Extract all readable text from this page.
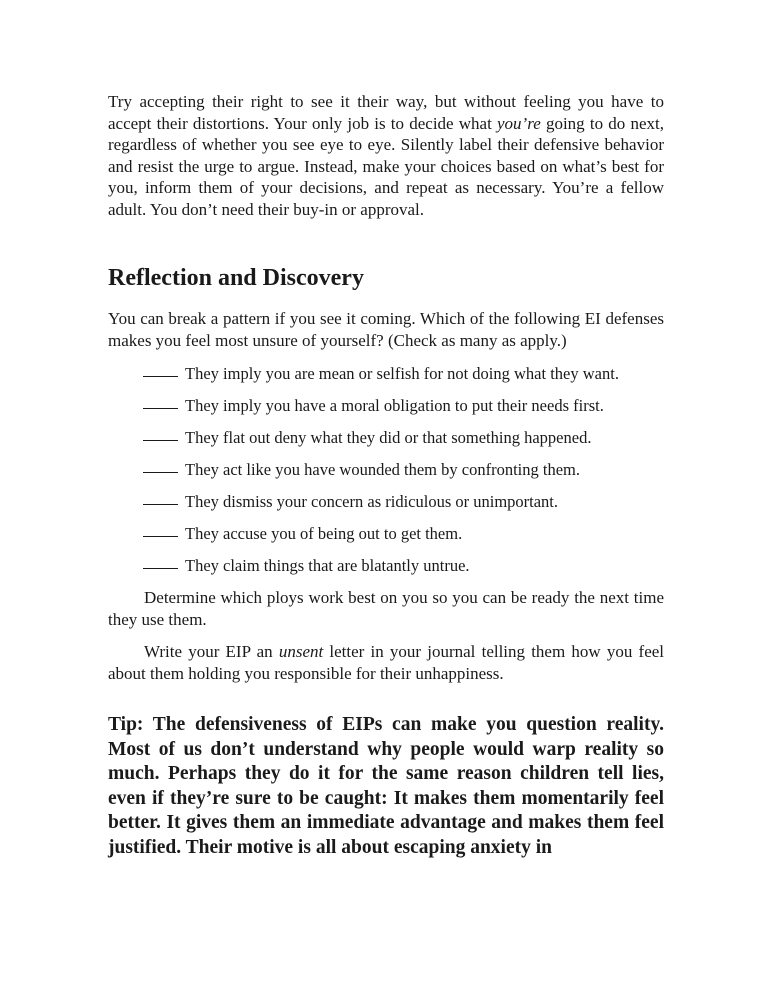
Try accepting their right to see it their way, but without feeling you have to accept their distortions. Your only job is to decide what you’re going to do next, regardless of whether you see eye to eye. Silently label their defensive behavior and resist the urge to argue. Instead, make your choices based on what’s best for you, inform them of your decisions, and repeat as necessary. You’re a fellow adult. You don’t need their buy-in or approval.

Reflection and Discovery

You can break a pattern if you see it coming. Which of the following EI defenses makes you feel most unsure of yourself? (Check as many as apply.)

They imply you are mean or selfish for not doing what they want.
They imply you have a moral obligation to put their needs first.
They flat out deny what they did or that something happened.
They act like you have wounded them by confronting them.
They dismiss your concern as ridiculous or unimportant.
They accuse you of being out to get them.
They claim things that are blatantly untrue.

Determine which ploys work best on you so you can be ready the next time they use them.

Write your EIP an unsent letter in your journal telling them how you feel about them holding you responsible for their unhappiness.

Tip: The defensiveness of EIPs can make you question reality. Most of us don’t understand why people would warp reality so much. Perhaps they do it for the same reason children tell lies, even if they’re sure to be caught: It makes them momentarily feel better. It gives them an immediate advantage and makes them feel justified. Their motive is all about escaping anxiety in
